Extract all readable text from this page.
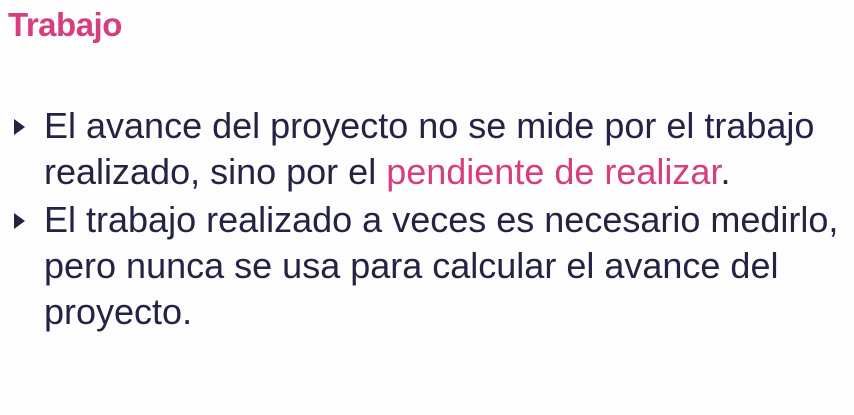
Trabajo
El avance del proyecto no se mide por el trabajo realizado, sino por el pendiente de realizar.
El trabajo realizado a veces es necesario medirlo, pero nunca se usa para calcular el avance del proyecto.
